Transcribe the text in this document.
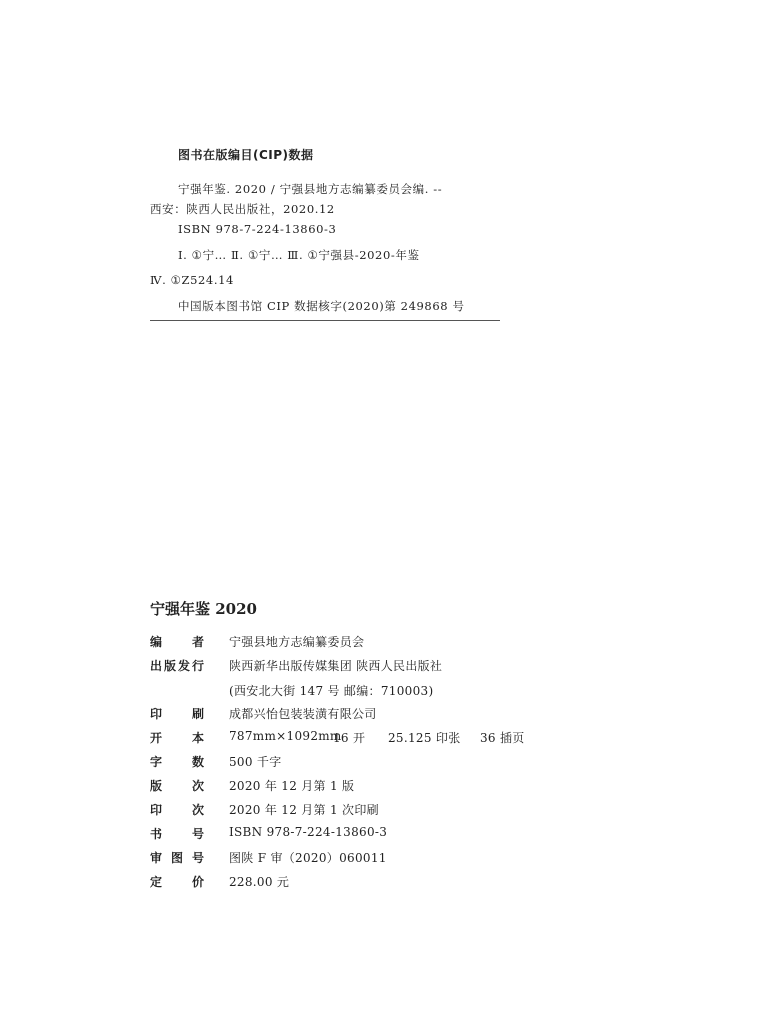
图书在版编目(CIP)数据
宁强年鉴. 2020 / 宁强县地方志编纂委员会编. --
西安：陕西人民出版社，2020.12
ISBN 978-7-224-13860-3
Ⅰ. ①宁… Ⅱ. ①宁… Ⅲ. ①宁强县-2020-年鉴
Ⅳ. ①Z524.14
中国版本图书馆 CIP 数据核字(2020)第 249868 号
宁强年鉴 2020
编 者 宁强县地方志编纂委员会
出版发行 陕西新华出版传媒集团 陕西人民出版社
(西安北大街 147 号 邮编：710003)
印 刷 成都兴怡包装装潢有限公司
开 本 787mm×1092mm
16 开 25.125 印张 36 插页
字 数 500 千字
版 次 2020 年 12 月第 1 版
印 次 2020 年 12 月第 1 次印刷
书 号 ISBN 978-7-224-13860-3
审 图 号 图陕 F 审（2020）060011
定 价 228.00 元
